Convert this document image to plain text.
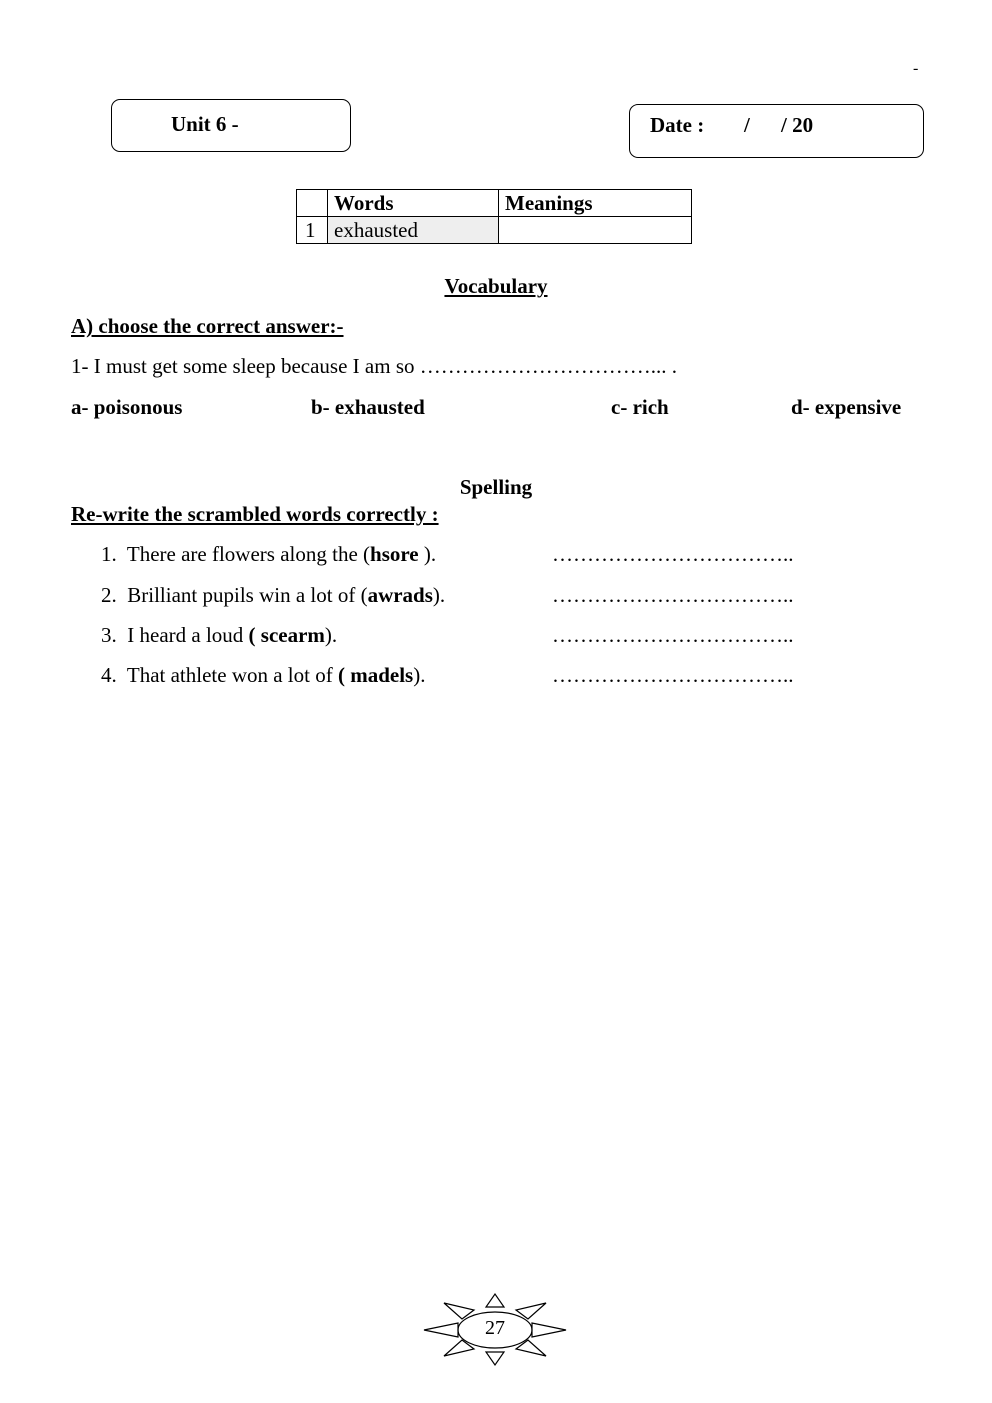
-
Unit 6 -	Date : / / 20
	Words	Meanings
1	exhausted	
Vocabulary
A) choose the correct answer:-
1- I must get some sleep because I am so ……………………………... .
a- poisonous	b- exhausted	c- rich	d- expensive
Spelling
Re-write the scrambled words correctly :
1. There are flowers along the (hsore ).	……………………………..
2. Brilliant pupils win a lot of (awrads).	……………………………..
3. I heard a loud ( scearm).	……………………………..
4. That athlete won a lot of ( madels).	……………………………..
27
